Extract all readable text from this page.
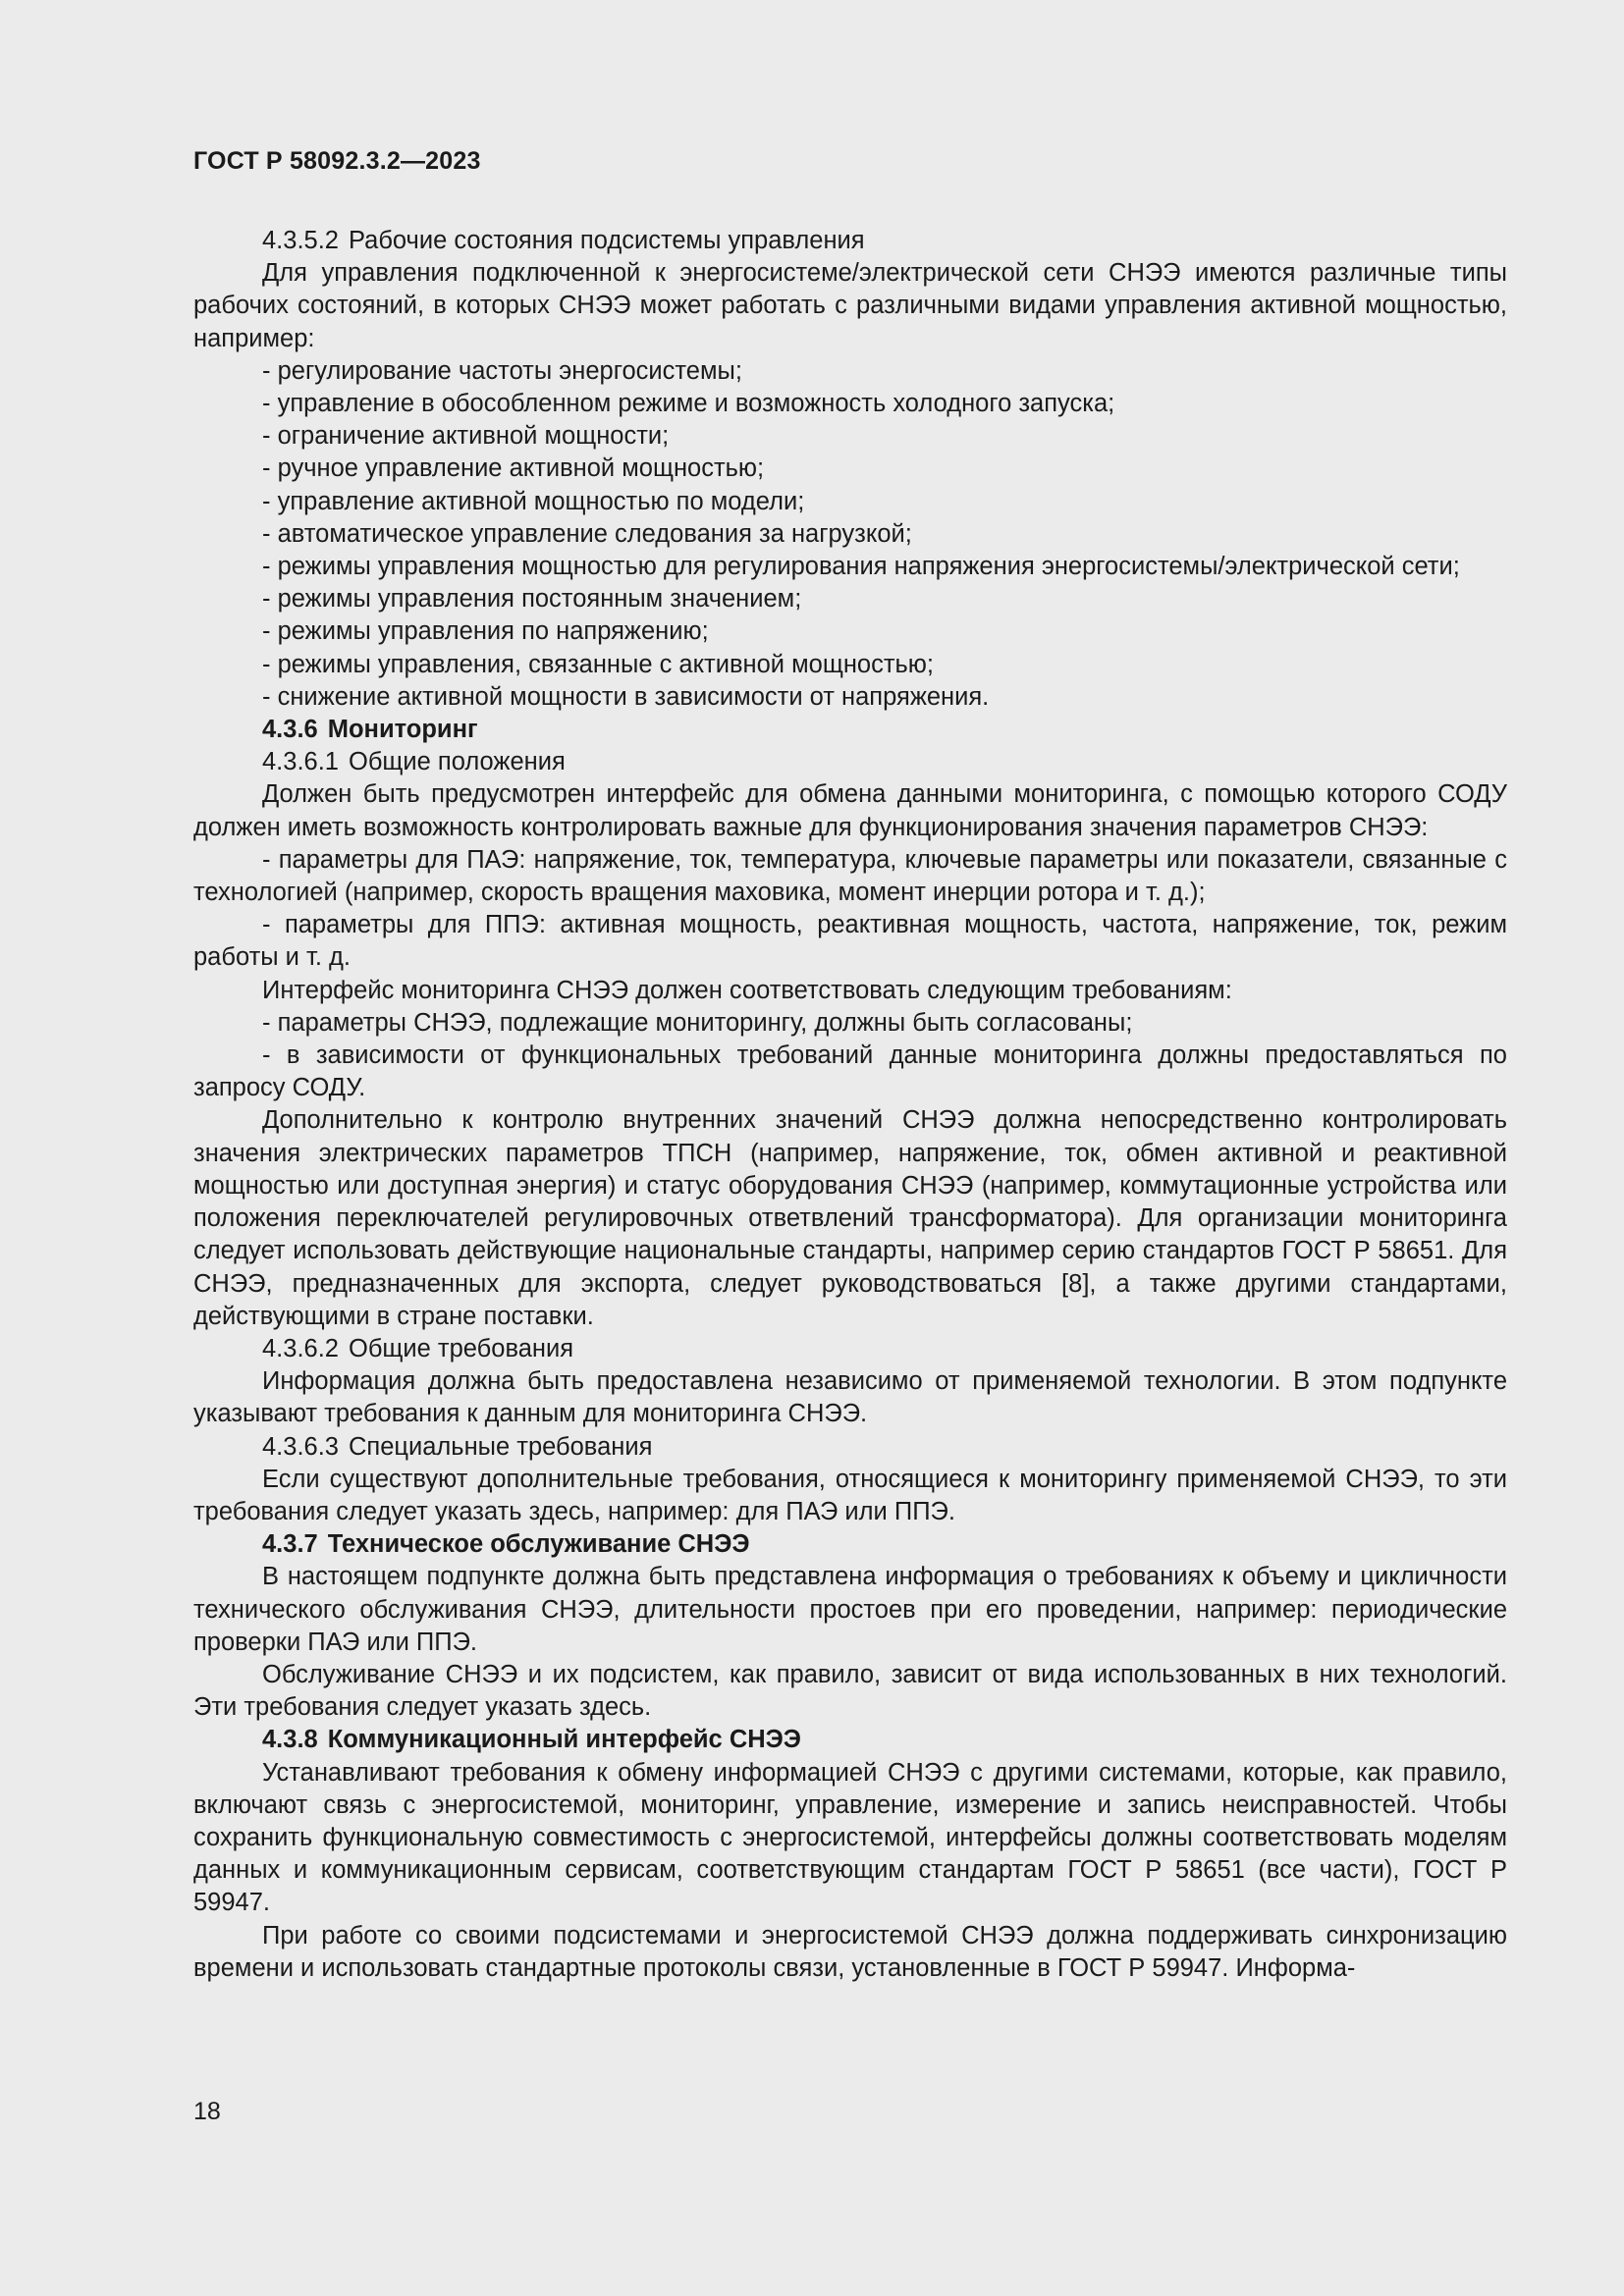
ГОСТ Р 58092.3.2—2023

4.3.5.2 Рабочие состояния подсистемы управления

Для управления подключенной к энергосистеме/электрической сети СНЭЭ имеются различные типы рабочих состояний, в которых СНЭЭ может работать с различными видами управления активной мощностью, например:

- регулирование частоты энергосистемы;

- управление в обособленном режиме и возможность холодного запуска;

- ограничение активной мощности;

- ручное управление активной мощностью;

- управление активной мощностью по модели;

- автоматическое управление следования за нагрузкой;

- режимы управления мощностью для регулирования напряжения энергосистемы/электрической сети;

- режимы управления постоянным значением;

- режимы управления по напряжению;

- режимы управления, связанные с активной мощностью;

- снижение активной мощности в зависимости от напряжения.

4.3.6 Мониторинг

4.3.6.1 Общие положения

Должен быть предусмотрен интерфейс для обмена данными мониторинга, с помощью которого СОДУ должен иметь возможность контролировать важные для функционирования значения параметров СНЭЭ:

- параметры для ПАЭ: напряжение, ток, температура, ключевые параметры или показатели, связанные с технологией (например, скорость вращения маховика, момент инерции ротора и т. д.);

- параметры для ППЭ: активная мощность, реактивная мощность, частота, напряжение, ток, режим работы и т. д.

Интерфейс мониторинга СНЭЭ должен соответствовать следующим требованиям:

- параметры СНЭЭ, подлежащие мониторингу, должны быть согласованы;

- в зависимости от функциональных требований данные мониторинга должны предоставляться по запросу СОДУ.

Дополнительно к контролю внутренних значений СНЭЭ должна непосредственно контролировать значения электрических параметров ТПСН (например, напряжение, ток, обмен активной и реактивной мощностью или доступная энергия) и статус оборудования СНЭЭ (например, коммутационные устройства или положения переключателей регулировочных ответвлений трансформатора). Для организации мониторинга следует использовать действующие национальные стандарты, например серию стандартов ГОСТ Р 58651. Для СНЭЭ, предназначенных для экспорта, следует руководствоваться [8], а также другими стандартами, действующими в стране поставки.

4.3.6.2 Общие требования

Информация должна быть предоставлена независимо от применяемой технологии. В этом подпункте указывают требования к данным для мониторинга СНЭЭ.

4.3.6.3 Специальные требования

Если существуют дополнительные требования, относящиеся к мониторингу применяемой СНЭЭ, то эти требования следует указать здесь, например: для ПАЭ или ППЭ.

4.3.7 Техническое обслуживание СНЭЭ

В настоящем подпункте должна быть представлена информация о требованиях к объему и цикличности технического обслуживания СНЭЭ, длительности простоев при его проведении, например: периодические проверки ПАЭ или ППЭ.

Обслуживание СНЭЭ и их подсистем, как правило, зависит от вида использованных в них технологий. Эти требования следует указать здесь.

4.3.8 Коммуникационный интерфейс СНЭЭ

Устанавливают требования к обмену информацией СНЭЭ с другими системами, которые, как правило, включают связь с энергосистемой, мониторинг, управление, измерение и запись неисправностей. Чтобы сохранить функциональную совместимость с энергосистемой, интерфейсы должны соответствовать моделям данных и коммуникационным сервисам, соответствующим стандартам ГОСТ Р 58651 (все части), ГОСТ Р 59947.

При работе со своими подсистемами и энергосистемой СНЭЭ должна поддерживать синхронизацию времени и использовать стандартные протоколы связи, установленные в ГОСТ Р 59947. Информа-

18
